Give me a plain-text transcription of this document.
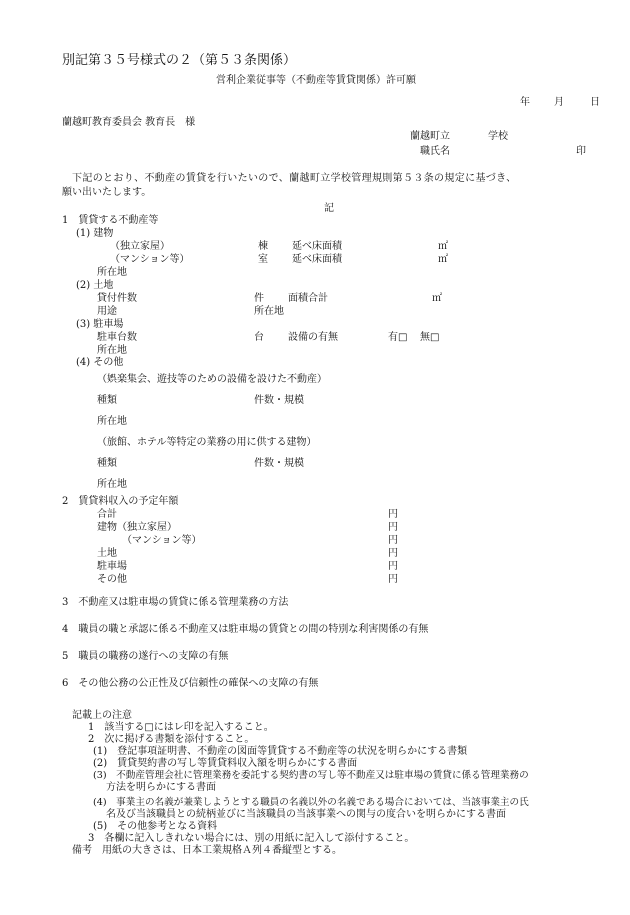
別記第３５号様式の２（第５３条関係）
営利企業従事等（不動産等賃貸関係）許可願
年 月	日
蘭越町教育委員会 教育長　様
蘭越町立	学校
職氏名	印
下記のとおり、不動産の賃貸を行いたいので、蘭越町立学校管理規則第５３条の規定に基づき、
願い出いたします。
記
1　賃貸する不動産等
(1) 建物
（独立家屋）	棟 延べ床面積	㎡
（マンション等）	室 延べ床面積	㎡
所在地
(2) 土地
貸付件数	件 面積合計	㎡
用途	所在地
(3) 駐車場
駐車台数	台 設備の有無	有□ 無□
所在地
(4) その他
（娯楽集会、遊技等のための設備を設けた不動産）
種類	件数・規模
所在地
（旅館、ホテル等特定の業務の用に供する建物）
種類	件数・規模
所在地
2　賃貸料収入の予定年額
合計	円
建物（独立家屋）	円
（マンション等）	円
土地	円
駐車場	円
その他	円
3　不動産又は駐車場の賃貸に係る管理業務の方法
4　職員の職と承認に係る不動産又は駐車場の賃貸との間の特別な利害関係の有無
5　職員の職務の遂行への支障の有無
6　その他公務の公正性及び信頼性の確保への支障の有無
記載上の注意
1　該当する□にはレ印を記入すること。
2　次に掲げる書類を添付すること。
(1)　登記事項証明書、不動産の図面等賃貸する不動産等の状況を明らかにする書類
(2)　賃貸契約書の写し等賃貸料収入額を明らかにする書面
(3)　不動産管理会社に管理業務を委託する契約書の写し等不動産又は駐車場の賃貸に係る管理業務の
方法を明らかにする書面
(4)　事業主の名義が兼業しようとする職員の名義以外の名義である場合においては、当該事業主の氏
名及び当該職員との続柄並びに当該職員の当該事業への関与の度合いを明らかにする書面
(5)　その他参考となる資料
3　各欄に記入しきれない場合には、別の用紙に記入して添付すること。
備考　用紙の大きさは、日本工業規格Ａ列４番縦型とする。
